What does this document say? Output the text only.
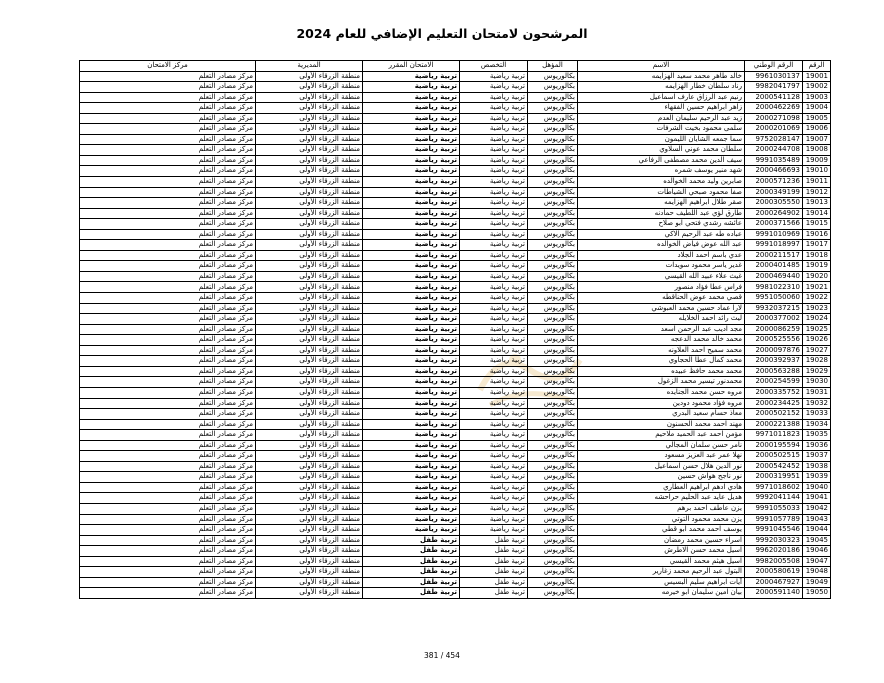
المرشحون لامتحان التعليم الإضافي للعام 2024
الرقم	الرقم الوطني	الاسم	المؤهل	التخصص	الامتحان المقرر	المديرية	مركز الامتحان
19001	9961030137	خالد طاهر محمد سعيد الهزايمه	بكالوريوس	تربية رياضية	تربية رياضية	منطقة الزرقاء الأولى	مركز مصادر التعلم
19002	9982041797	رناد سلطان خطار الهزايمه	بكالوريوس	تربية رياضية	تربية رياضية	منطقة الزرقاء الأولى	مركز مصادر التعلم
19003	2000541128	رنيم عبد الرزاق عارف اسماعيل	بكالوريوس	تربية رياضية	تربية رياضية	منطقة الزرقاء الأولى	مركز مصادر التعلم
19004	2000462269	زاهر ابراهيم حسين الفقهاء	بكالوريوس	تربية رياضية	تربية رياضية	منطقة الزرقاء الأولى	مركز مصادر التعلم
19005	2000271098	زيد عبد الرحيم سليمان العدم	بكالوريوس	تربية رياضية	تربية رياضية	منطقة الزرقاء الأولى	مركز مصادر التعلم
19006	2000201069	سلمى محمود بخيت الشرفات	بكالوريوس	تربية رياضية	تربية رياضية	منطقة الزرقاء الأولى	مركز مصادر التعلم
19007	9752028147	سما جمعه الشايان الليمون	بكالوريوس	تربية رياضية	تربية رياضية	منطقة الزرقاء الأولى	مركز مصادر التعلم
19008	2000244708	سلطان محمد عوني السلاوي	بكالوريوس	تربية رياضية	تربية رياضية	منطقة الزرقاء الأولى	مركز مصادر التعلم
19009	9991035489	سيف الدين محمد مصطفى الرفاعي	بكالوريوس	تربية رياضية	تربية رياضية	منطقة الزرقاء الأولى	مركز مصادر التعلم
19010	2000466693	شهد منير يوسف شمره	بكالوريوس	تربية رياضية	تربية رياضية	منطقة الزرقاء الأولى	مركز مصادر التعلم
19011	2000571236	صابرين وليد محمد الخوالده	بكالوريوس	تربية رياضية	تربية رياضية	منطقة الزرقاء الأولى	مركز مصادر التعلم
19012	2000349199	صفا محمود صبحي الشياطات	بكالوريوس	تربية رياضية	تربية رياضية	منطقة الزرقاء الأولى	مركز مصادر التعلم
19013	2000305550	صقر طلال ابراهيم الهزايمه	بكالوريوس	تربية رياضية	تربية رياضية	منطقة الزرقاء الأولى	مركز مصادر التعلم
19014	2000264902	طارق لؤي عبد اللطيف حمادنه	بكالوريوس	تربية رياضية	تربية رياضية	منطقة الزرقاء الأولى	مركز مصادر التعلم
19015	2000371566	عائشه رشدي فتحي ابو صلاح	بكالوريوس	تربية رياضية	تربية رياضية	منطقة الزرقاء الأولى	مركز مصادر التعلم
19016	9991010969	عباده طه عبد الرحيم الاكي	بكالوريوس	تربية رياضية	تربية رياضية	منطقة الزرقاء الأولى	مركز مصادر التعلم
19017	9991018997	عبد الله عوض فياض الخوالده	بكالوريوس	تربية رياضية	تربية رياضية	منطقة الزرقاء الأولى	مركز مصادر التعلم
19018	2000211517	عدي باسم احمد الجلاد	بكالوريوس	تربية رياضية	تربية رياضية	منطقة الزرقاء الأولى	مركز مصادر التعلم
19019	2000401485	غدير ياسر محمود سويدات	بكالوريوس	تربية رياضية	تربية رياضية	منطقة الزرقاء الأولى	مركز مصادر التعلم
19020	2000469440	غيث علاء عبيد الله القيسي	بكالوريوس	تربية رياضية	تربية رياضية	منطقة الزرقاء الأولى	مركز مصادر التعلم
19021	9981022310	فراس عطا فؤاد منصور	بكالوريوس	تربية رياضية	تربية رياضية	منطقة الزرقاء الأولى	مركز مصادر التعلم
19022	9951050060	قصي محمد عوض الحناقطه	بكالوريوس	تربية رياضية	تربية رياضية	منطقة الزرقاء الأولى	مركز مصادر التعلم
19023	9932037215	لارا عماد حسين محمد العبوشي	بكالوريوس	تربية رياضية	تربية رياضية	منطقة الزرقاء الأولى	مركز مصادر التعلم
19024	2000377002	ليث رائد احمد الخلايله	بكالوريوس	تربية رياضية	تربية رياضية	منطقة الزرقاء الأولى	مركز مصادر التعلم
19025	2000086259	مجد اديب عبد الرحمن اسعد	بكالوريوس	تربية رياضية	تربية رياضية	منطقة الزرقاء الأولى	مركز مصادر التعلم
19026	2000525556	محمد خالد محمد الدعجه	بكالوريوس	تربية رياضية	تربية رياضية	منطقة الزرقاء الأولى	مركز مصادر التعلم
19027	2000097876	محمد سميح احمد العلاونه	بكالوريوس	تربية رياضية	تربية رياضية	منطقة الزرقاء الأولى	مركز مصادر التعلم
19028	2000392937	محمد كمال عطا الحجاوي	بكالوريوس	تربية رياضية	تربية رياضية	منطقة الزرقاء الأولى	مركز مصادر التعلم
19029	2000563288	محمد محمد حافظ عبيده	بكالوريوس	تربية رياضية	تربية رياضية	منطقة الزرقاء الأولى	مركز مصادر التعلم
19030	2000254599	محمدنور تيسير محمد الزغول	بكالوريوس	تربية رياضية	تربية رياضية	منطقة الزرقاء الأولى	مركز مصادر التعلم
19031	2000335752	مروه حسن محمد الجنايده	بكالوريوس	تربية رياضية	تربية رياضية	منطقة الزرقاء الأولى	مركز مصادر التعلم
19032	2000234425	مروه فؤاد محمود دودين	بكالوريوس	تربية رياضية	تربية رياضية	منطقة الزرقاء الأولى	مركز مصادر التعلم
19033	2000502152	معاذ حسام سعيد البدري	بكالوريوس	تربية رياضية	تربية رياضية	منطقة الزرقاء الأولى	مركز مصادر التعلم
19034	2000221388	مهند احمد محمد الحسنون	بكالوريوس	تربية رياضية	تربية رياضية	منطقة الزرقاء الأولى	مركز مصادر التعلم
19035	9971011823	مؤمن احمد عبد الحميد ملاحيم	بكالوريوس	تربية رياضية	تربية رياضية	منطقة الزرقاء الأولى	مركز مصادر التعلم
19036	2000195594	نامر حسن سلمان المجالي	بكالوريوس	تربية رياضية	تربية رياضية	منطقة الزرقاء الأولى	مركز مصادر التعلم
19037	2000502515	نهلا عمر عبد العزيز مسعود	بكالوريوس	تربية رياضية	تربية رياضية	منطقة الزرقاء الأولى	مركز مصادر التعلم
19038	2000542452	نور الدين هلال حسن اسماعيل	بكالوريوس	تربية رياضية	تربية رياضية	منطقة الزرقاء الأولى	مركز مصادر التعلم
19039	2000319951	نور ناجح هواش حسين	بكالوريوس	تربية رياضية	تربية رياضية	منطقة الزرقاء الأولى	مركز مصادر التعلم
19040	9971018602	هادي ادهم ابراهيم العطاري	بكالوريوس	تربية رياضية	تربية رياضية	منطقة الزرقاء الأولى	مركز مصادر التعلم
19041	9992041144	هديل عايد عبد الحليم حراحشه	بكالوريوس	تربية رياضية	تربية رياضية	منطقة الزرقاء الأولى	مركز مصادر التعلم
19042	9991055033	يزن عاطف احمد برهم	بكالوريوس	تربية رياضية	تربية رياضية	منطقة الزرقاء الأولى	مركز مصادر التعلم
19043	9991057789	يزن محمد محمود التوتي	بكالوريوس	تربية رياضية	تربية رياضية	منطقة الزرقاء الأولى	مركز مصادر التعلم
19044	9991045546	يوسف احمد محمد ابو قطي	بكالوريوس	تربية رياضية	تربية رياضية	منطقة الزرقاء الأولى	مركز مصادر التعلم
19045	9992030323	اسراء حسين محمد رمضان	بكالوريوس	تربية طفل	تربية طفل	منطقة الزرقاء الأولى	مركز مصادر التعلم
19046	9962020186	اسيل محمد حسن الاطرش	بكالوريوس	تربية طفل	تربية طفل	منطقة الزرقاء الأولى	مركز مصادر التعلم
19047	9982005508	اسيل هيثم محمد القيسي	بكالوريوس	تربية طفل	تربية طفل	منطقة الزرقاء الأولى	مركز مصادر التعلم
19048	2000580619	البتول عبد الرحيم محمد زغارير	بكالوريوس	تربية طفل	تربية طفل	منطقة الزرقاء الأولى	مركز مصادر التعلم
19049	2000467927	آيات ابراهيم سليم البسيس	بكالوريوس	تربية طفل	تربية طفل	منطقة الزرقاء الأولى	مركز مصادر التعلم
19050	2000591140	بيان امين سليمان ابو خيرمه	بكالوريوس	تربية طفل	تربية طفل	منطقة الزرقاء الأولى	مركز مصادر التعلم
381 / 454
